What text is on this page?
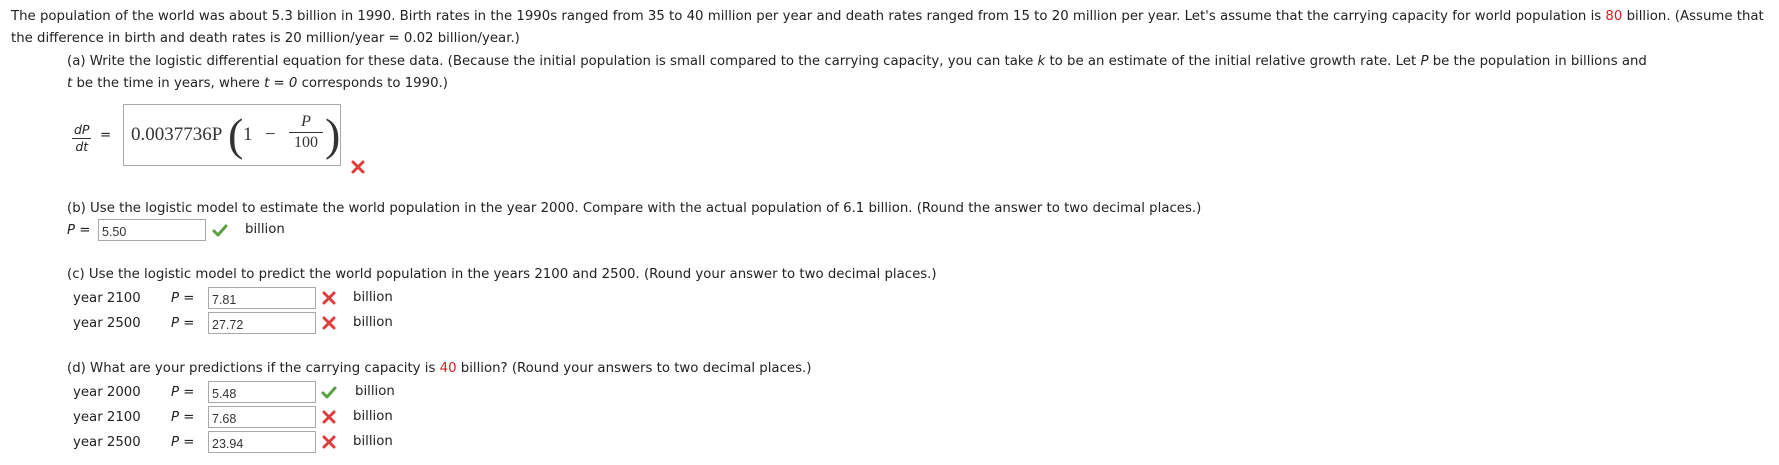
The population of the world was about 5.3 billion in 1990. Birth rates in the 1990s ranged from 35 to 40 million per year and death rates ranged from 15 to 20 million per year. Let's assume that the carrying capacity for world population is 80 billion. (Assume that the difference in birth and death rates is 20 million/year = 0.02 billion/year.)
(a) Write the logistic differential equation for these data. (Because the initial population is small compared to the carrying capacity, you can take k to be an estimate of the initial relative growth rate. Let P be the population in billions and
t be the time in years, where t = 0 corresponds to 1990.)
$\frac{dP}{dt} = 0.0037736P$ ( $1 - \frac{P}{100}$ )
(b) Use the logistic model to estimate the world population in the year 2000. Compare with the actual population of 6.1 billion. (Round the answer to two decimal places.)
P =
5.50	billion
(c) Use the logistic model to predict the world population in the years 2100 and 2500. (Round your answer to two decimal places.)
year 2100 P =
7.81	billion
year 2500 P =
27.72	billion
(d) What are your predictions if the carrying capacity is 40 billion? (Round your answers to two decimal places.)
year 2000 P =
5.48	billion
year 2100 P =
7.68	billion
year 2500 P =
23.94	billion
